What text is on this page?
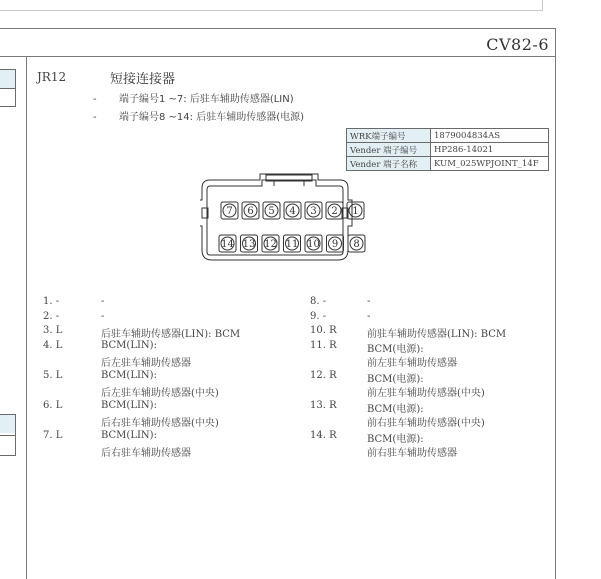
CV82-6
JR12	短接连接器
- 端子编号1 ~7: 后驻车辅助传感器(LIN)
- 端子编号8 ~14: 后驻车辅助传感器(电源)
WRK端子编号	1879004834AS
Vender 端子编号	HP286-14021
Vender 端子名称	KUM_025WPJOINT_14F
7 6 5 4 3 2 1
14 13 12 11 10 9 8
1. -	-
2. -	-
3. L	后驻车辅助传感器(LIN): BCM
4. L	BCM(LIN):
后左驻车辅助传感器
5. L	BCM(LIN):
后左驻车辅助传感器(中央)
6. L	BCM(LIN):
后右驻车辅助传感器(中央)
7. L	BCM(LIN):
后右驻车辅助传感器
8. -	-
9. -	-
10. R	前驻车辅助传感器(LIN): BCM
11. R	BCM(电源):
前左驻车辅助传感器
12. R	BCM(电源):
前左驻车辅助传感器(中央)
13. R	BCM(电源):
前右驻车辅助传感器(中央)
14. R	BCM(电源):
前右驻车辅助传感器
